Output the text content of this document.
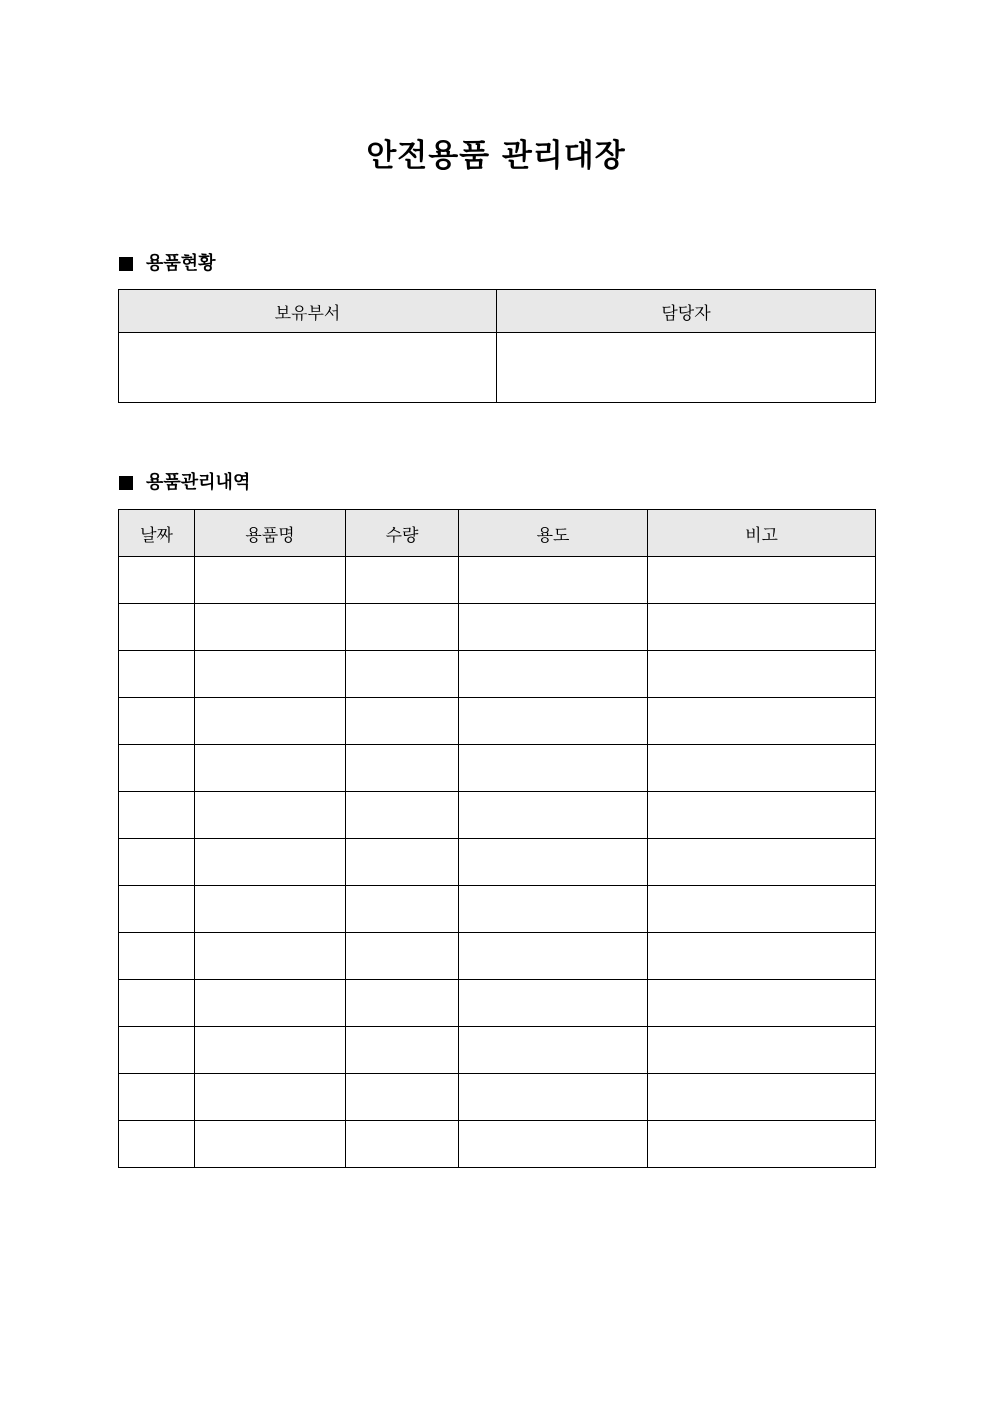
안전용품 관리대장
용품현황
보유부서	담당자

용품관리내역
날짜	용품명	수량	용도	비고
